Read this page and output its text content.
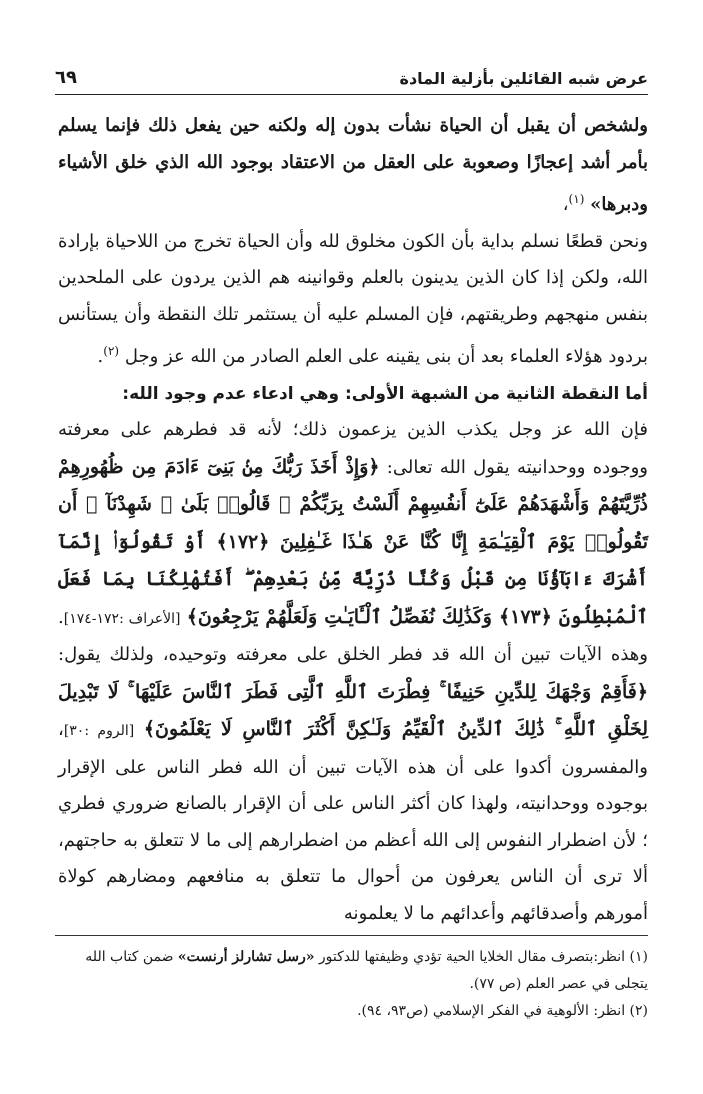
عرض شبه القائلين بأزلية المادة
٦٩

ولشخص أن يقبل أن الحياة نشأت بدون إله ولكنه حين يفعل ذلك فإنما يسلم بأمر أشد إعجازًا وصعوبة على العقل من الاعتقاد بوجود الله الذي خلق الأشياء ودبرها» $^{(١)}$،

ونحن قطعًا نسلم بداية بأن الكون مخلوق لله وأن الحياة تخرج من اللاحياة بإرادة الله، ولكن إذا كان الذين يدينون بالعلم وقوانينه هم الذين يردون على الملحدين بنفس منهجهم وطريقتهم، فإن المسلم عليه أن يستثمر تلك النقطة وأن يستأنس بردود هؤلاء العلماء بعد أن بنى يقينه على العلم الصادر من الله عز وجل $^{(٢)}$.

أما النقطة الثانية من الشبهة الأولى: وهي ادعاء عدم وجود الله:

فإن الله عز وجل يكذب الذين يزعمون ذلك؛ لأنه قد فطرهم على معرفته ووجوده ووحدانيته يقول الله تعالى: ﴿وَإِذْ أَخَذَ رَبُّكَ مِنۢ بَنِىٓ ءَادَمَ مِن ظُهُورِهِمْ ذُرِّيَّتَهُمْ وَأَشْهَدَهُمْ عَلَىٰٓ أَنفُسِهِمْ أَلَسْتُ بِرَبِّكُمْ ۖ قَالُوا۟ بَلَىٰ ۛ شَهِدْنَآ ۛ أَن تَقُولُوا۟ يَوْمَ ٱلْقِيَـٰمَةِ إِنَّا كُنَّا عَنْ هَـٰذَا غَـٰفِلِينَ ﴿١٧٢﴾ أَوْ تَقُولُوٓا۟ إِنَّمَآ أَشْرَكَ ءَابَآؤُنَا مِن قَبْلُ وَكُنَّا ذُرِّيَّةً مِّنۢ بَعْدِهِمْ ۖ أَفَتُهْلِكُنَا بِمَا فَعَلَ ٱلْمُبْطِلُونَ ﴿١٧٣﴾ وَكَذَٰلِكَ نُفَصِّلُ ٱلْـَٔايَـٰتِ وَلَعَلَّهُمْ يَرْجِعُونَ﴾ [الأعراف :١٧٢-١٧٤]. وهذه الآيات تبين أن الله قد فطر الخلق على معرفته وتوحيده، ولذلك يقول: ﴿فَأَقِمْ وَجْهَكَ لِلدِّينِ حَنِيفًا ۚ فِطْرَتَ ٱللَّهِ ٱلَّتِى فَطَرَ ٱلنَّاسَ عَلَيْهَا ۚ لَا تَبْدِيلَ لِخَلْقِ ٱللَّهِ ۚ ذَٰلِكَ ٱلدِّينُ ٱلْقَيِّمُ وَلَـٰكِنَّ أَكْثَرَ ٱلنَّاسِ لَا يَعْلَمُونَ﴾ [الروم :٣٠]، والمفسرون أكدوا على أن هذه الآيات تبين أن الله فطر الناس على الإقرار بوجوده ووحدانيته، ولهذا كان أكثر الناس على أن الإقرار بالصانع ضروري فطري ؛ لأن اضطرار النفوس إلى الله أعظم من اضطرارهم إلى ما لا تتعلق به حاجتهم، ألا ترى أن الناس يعرفون من أحوال ما تتعلق به منافعهم ومضارهم كولاة أمورهم وأصدقائهم وأعدائهم ما لا يعلمونه

(١) انظر:بتصرف مقال الخلايا الحية تؤدي وظيفتها للدكتور «رسل تشارلز أرنست» ضمن كتاب الله يتجلى في عصر العلم (ص ٧٧).

(٢) انظر: الألوهية في الفكر الإسلامي (ص٩٣، ٩٤).
